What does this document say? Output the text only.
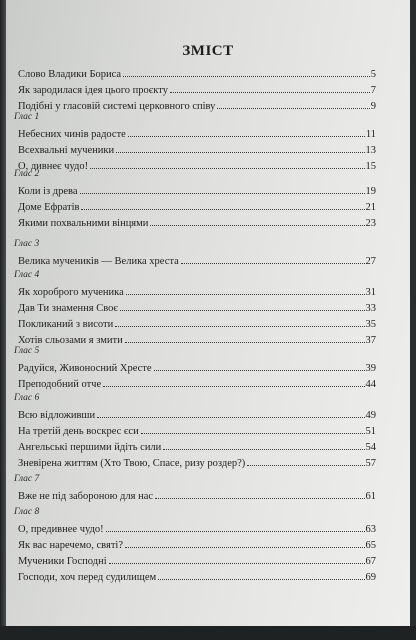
ЗМІСТ
Слово Владики Бориса	5
Як зародилася ідея цього проєкту	7
Подібні у гласовій системі церковного співу	9
Глас 1
Небесних чинів радосте	11
Всехвальні мученики	13
О, дивнеє чудо!	15
Глас 2
Коли із древа	19
Доме Ефратів	21
Якими похвальними вінцями	23
Глас 3
Велика мучеників — Велика хреста	27
Глас 4
Як хороброго мученика	31
Дав Ти знамення Своє	33
Покликаний з висоти	35
Хотів сльозами я змити	37
Глас 5
Радуйся, Живоносний Хресте	39
Преподобний отче	44
Глас 6
Всю відложивши	49
На третій день воскрес єси	51
Ангельські першими йдіть сили	54
Зневірена життям (Хто Твою, Спасе, ризу роздер?)	57
Глас 7
Вже не під забороною для нас	61
Глас 8
О, предивнее чудо!	63
Як вас наречемо, святі?	65
Мученики Господні	67
Господи, хоч перед судилищем	69
